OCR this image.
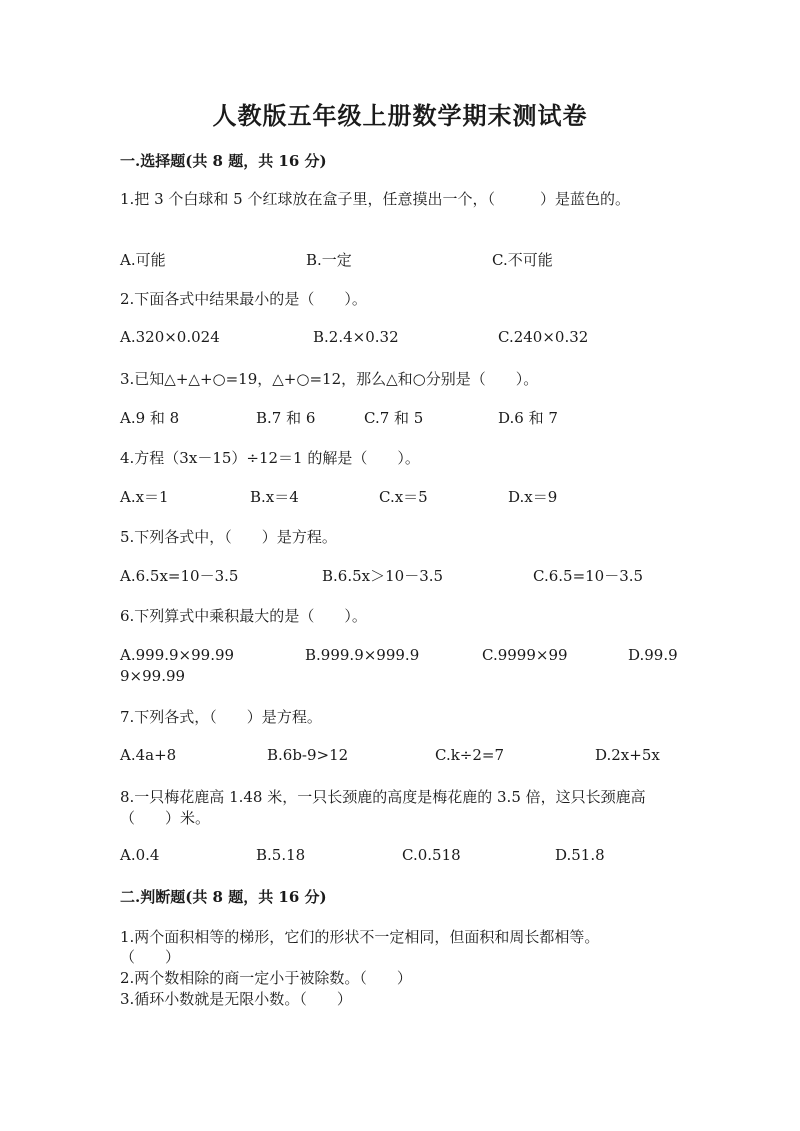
人教版五年级上册数学期末测试卷
一.选择题(共 8 题，共 16 分)
1.把 3 个白球和 5 个红球放在盒子里，任意摸出一个，（　　　）是蓝色的。
A.可能	B.一定	C.不可能
2.下面各式中结果最小的是（　　）。
A.320×0.024	B.2.4×0.32	C.240×0.32
3.已知△+△+○=19，△+○=12，那么△和○分别是（　　）。
A.9 和 8	B.7 和 6	C.7 和 5	D.6 和 7
4.方程（3x－15）÷12＝1 的解是（　　）。
A.x＝1	B.x＝4	C.x＝5	D.x＝9
5.下列各式中，（　　）是方程。
A.6.5x=10－3.5	B.6.5x＞10－3.5	C.6.5=10－3.5
6.下列算式中乘积最大的是（　　）。
A.999.9×99.99	B.999.9×999.9	C.9999×99	D.99.9
9×99.99
7.下列各式，（　　）是方程。
A.4a+8	B.6b-9>12	C.k÷2=7	D.2x+5x
8.一只梅花鹿高 1.48 米，一只长颈鹿的高度是梅花鹿的 3.5 倍，这只长颈鹿高
（　　）米。
A.0.4	B.5.18	C.0.518	D.51.8
二.判断题(共 8 题，共 16 分)
1.两个面积相等的梯形，它们的形状不一定相同，但面积和周长都相等。
（　　）
2.两个数相除的商一定小于被除数。（　　）
3.循环小数就是无限小数。（　　）
